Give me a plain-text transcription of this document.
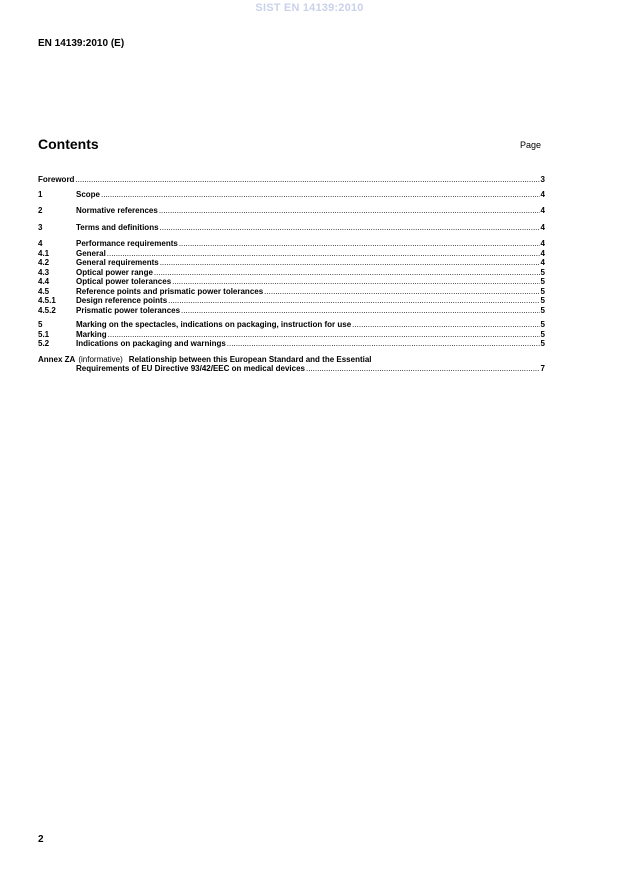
SIST EN 14139:2010
EN 14139:2010 (E)
Contents	Page
Foreword .....	3
1	Scope .....	4
2	Normative references .....	4
3	Terms and definitions .....	4
4	Performance requirements .....	4
4.1	General .....	4
4.2	General requirements .....	4
4.3	Optical power range .....	5
4.4	Optical power tolerances .....	5
4.5	Reference points and prismatic power tolerances .....	5
4.5.1	Design reference points .....	5
4.5.2	Prismatic power tolerances .....	5
5	Marking on the spectacles, indications on packaging, instruction for use .....	5
5.1	Marking .....	5
5.2	Indications on packaging and warnings .....	5
Annex ZA (informative) Relationship between this European Standard and the Essential
Requirements of EU Directive 93/42/EEC on medical devices .....	7
2
